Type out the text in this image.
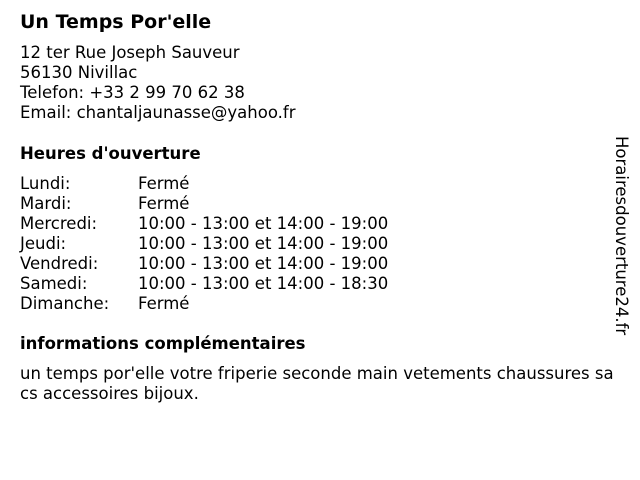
Un Temps Por'elle
12 ter Rue Joseph Sauveur
56130 Nivillac
Telefon: +33 2 99 70 62 38
Email: chantaljaunasse@yahoo.fr
Heures d'ouverture
Lundi:	Fermé
Mardi:	Fermé
Mercredi: 10:00 - 13:00 et 14:00 - 19:00
Jeudi:	10:00 - 13:00 et 14:00 - 19:00
Vendredi: 10:00 - 13:00 et 14:00 - 19:00
Samedi:	10:00 - 13:00 et 14:00 - 18:30
Dimanche: Fermé
informations complémentaires
un temps por'elle votre friperie seconde main vetements chaussures sacs accessoires bijoux.
Horairesdouverture24.fr
